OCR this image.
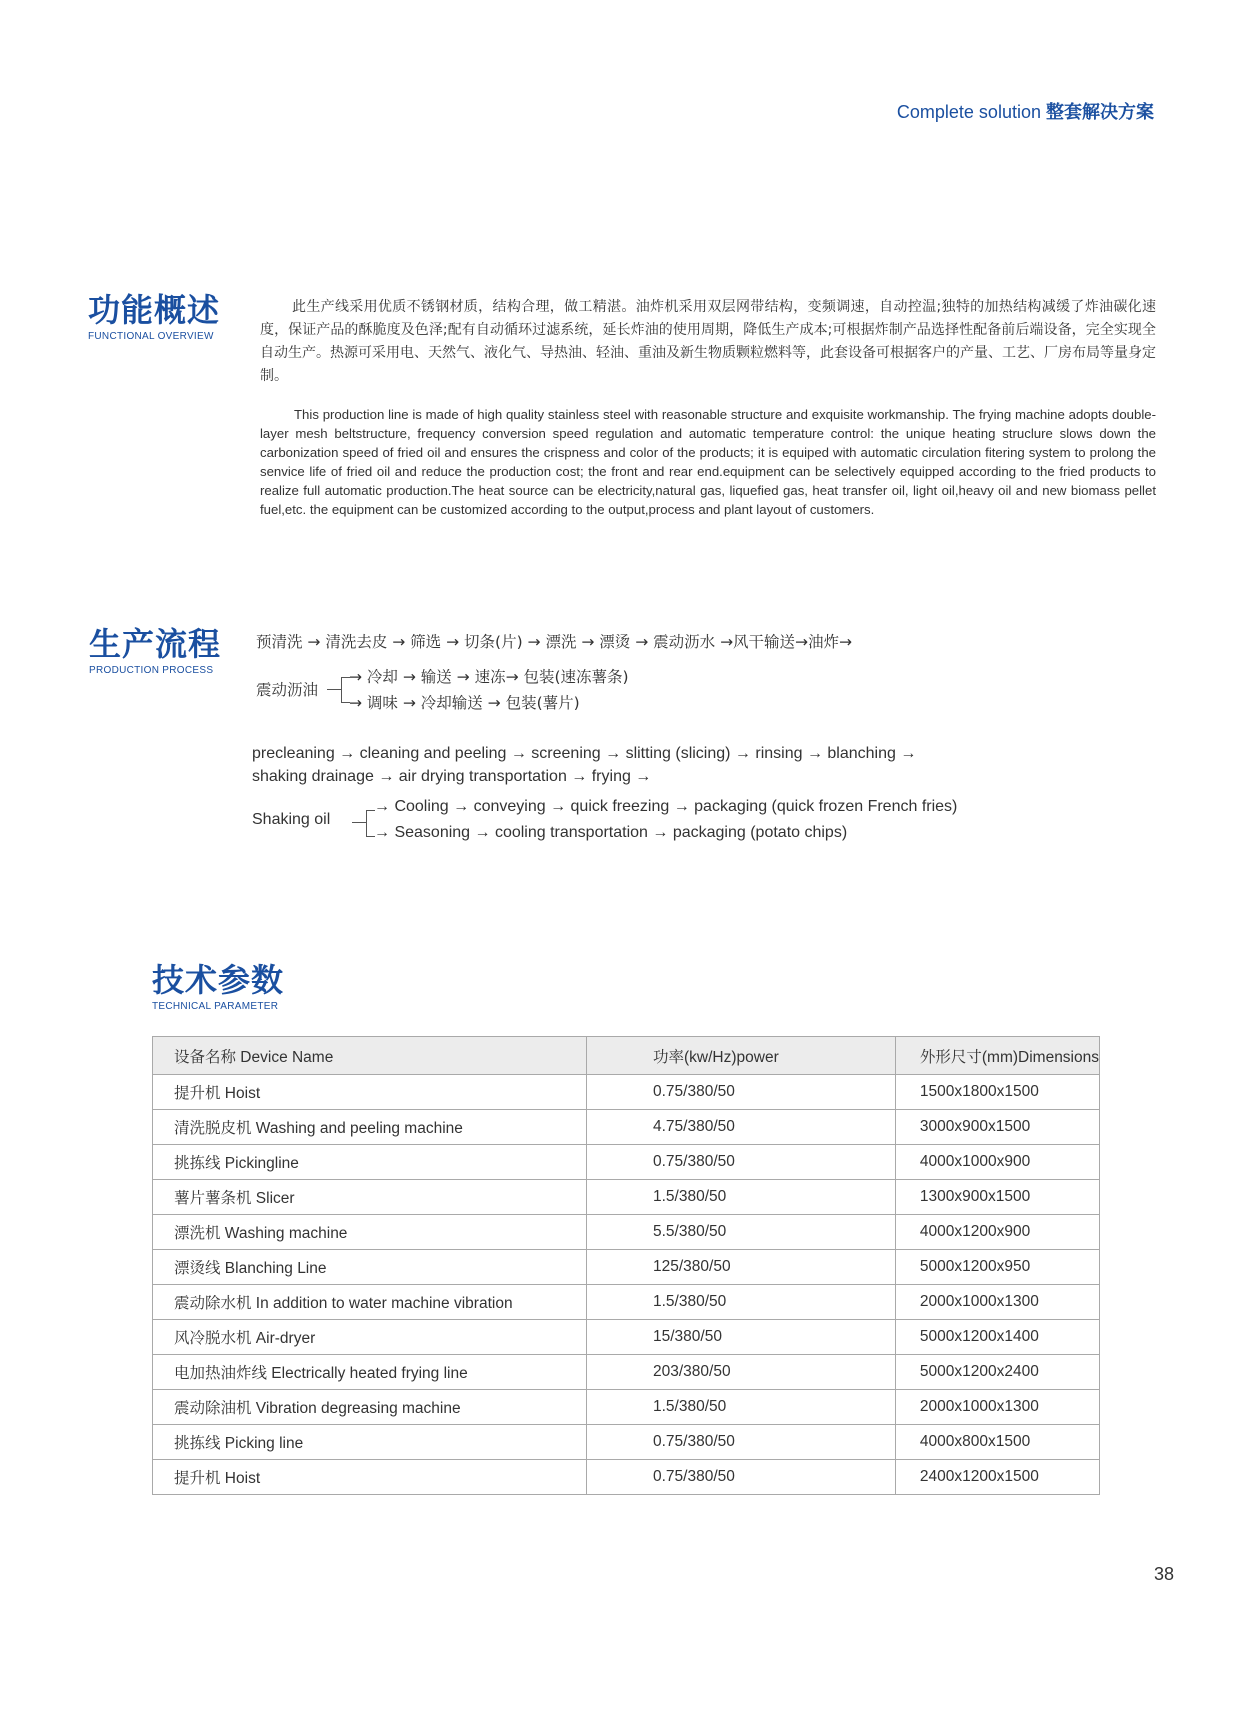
Complete solution 整套解决方案
功能概述
FUNCTIONAL OVERVIEW

此生产线采用优质不锈钢材质，结构合理，做工精湛。油炸机采用双层网带结构，变频调速，自动控温;独特的加热结构减缓了炸油碳化速度，保证产品的酥脆度及色泽;配有自动循环过滤系统，延长炸油的使用周期，降低生产成本;可根据炸制产品选择性配备前后端设备，完全实现全自动生产。热源可采用电、天然气、液化气、导热油、轻油、重油及新生物质颗粒燃料等，此套设备可根据客户的产量、工艺、厂房布局等量身定制。

This production line is made of high quality stainless steel with reasonable structure and exquisite workmanship. The frying machine adopts double-layer mesh beltstructure, frequency conversion speed regulation and automatic temperature control: the unique heating struclure slows down the carbonization speed of fried oil and ensures the crispness and color of the products; it is equiped with automatic circulation fitering system to prolong the senvice life of fried oil and reduce the production cost; the front and rear end.equipment can be selectively equipped according to the fried products to realize full automatic production.The heat source can be electricity,natural gas, liquefied gas, heat transfer oil, light oil,heavy oil and new biomass pellet fuel,etc. the equipment can be customized according to the output,process and plant layout of customers.

生产流程
PRODUCTION PROCESS
预清洗 → 清洗去皮 → 筛选 → 切条(片) → 漂洗 → 漂烫 → 震动沥水 →风干输送→油炸→
震动沥油
→ 冷却 → 输送 → 速冻→ 包装(速冻薯条)
→ 调味 → 冷却输送 → 包装(薯片)
precleaning → cleaning and peeling → screening → slitting (slicing) → rinsing → blanching →
shaking drainage → air drying transportation → frying →
Shaking oil
→ Cooling → conveying → quick freezing → packaging (quick frozen French fries)
→ Seasoning → cooling transportation → packaging (potato chips)
技术参数
TECHNICAL PARAMETER
设备名称 Device Name	功率(kw/Hz)power	外形尺寸(mm)Dimensions
提升机 Hoist	0.75/380/50	1500x1800x1500
清洗脱皮机 Washing and peeling machine	4.75/380/50	3000x900x1500
挑拣线 Pickingline	0.75/380/50	4000x1000x900
薯片薯条机 Slicer	1.5/380/50	1300x900x1500
漂洗机 Washing machine	5.5/380/50	4000x1200x900
漂烫线 Blanching Line	125/380/50	5000x1200x950
震动除水机 In addition to water machine vibration	1.5/380/50	2000x1000x1300
风冷脱水机 Air-dryer	15/380/50	5000x1200x1400
电加热油炸线 Electrically heated frying line	203/380/50	5000x1200x2400
震动除油机 Vibration degreasing machine	1.5/380/50	2000x1000x1300
挑拣线 Picking line	0.75/380/50	4000x800x1500
提升机 Hoist	0.75/380/50	2400x1200x1500
38
